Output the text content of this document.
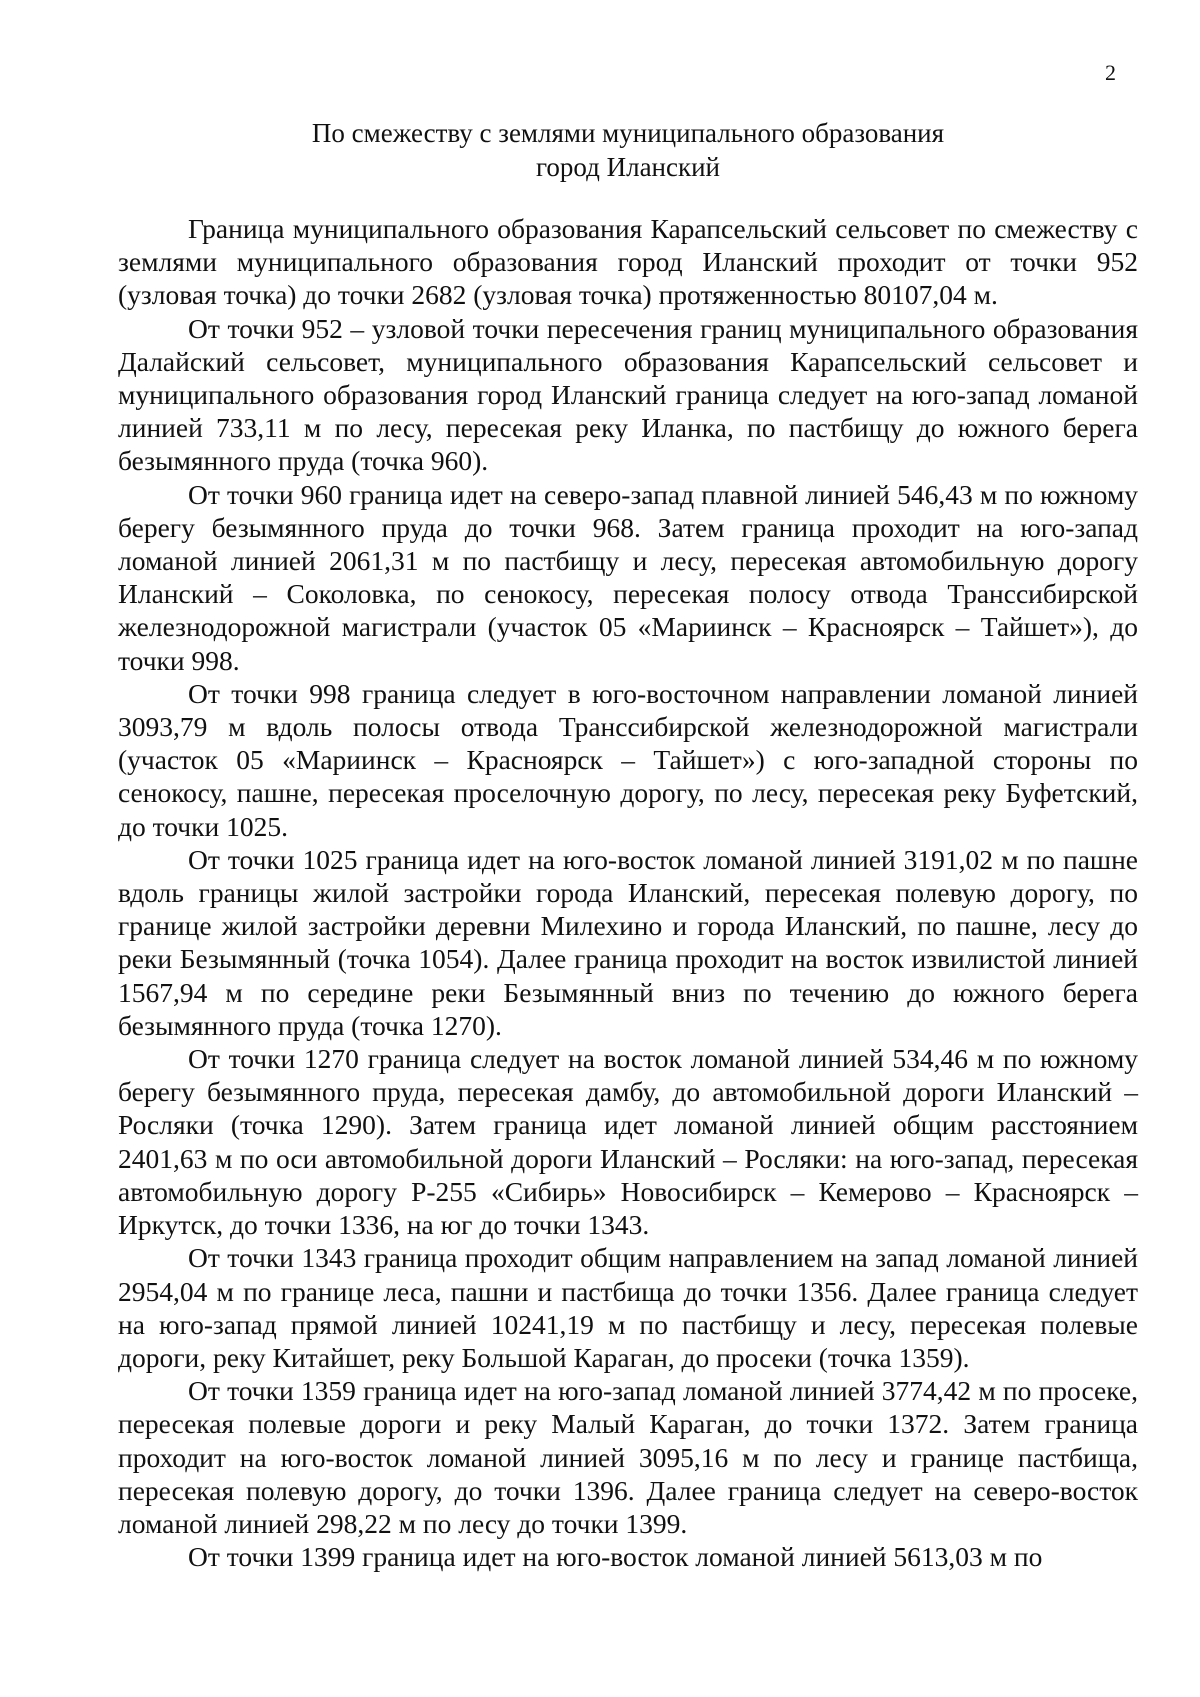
2
По смежеству с землями муниципального образования
город Иланский

Граница муниципального образования Карапсельский сельсовет по смежеству с землями муниципального образования город Иланский проходит от точки 952 (узловая точка) до точки 2682 (узловая точка) протяженностью 80107,04 м.

От точки 952 – узловой точки пересечения границ муниципального образования Далайский сельсовет, муниципального образования Карапсельский сельсовет и муниципального образования город Иланский граница следует на юго-запад ломаной линией 733,11 м по лесу, пересекая реку Иланка, по пастбищу до южного берега безымянного пруда (точка 960).

От точки 960 граница идет на северо-запад плавной линией 546,43 м по южному берегу безымянного пруда до точки 968. Затем граница проходит на юго-запад ломаной линией 2061,31 м по пастбищу и лесу, пересекая автомобильную дорогу Иланский – Соколовка, по сенокосу, пересекая полосу отвода Транссибирской железнодорожной магистрали (участок 05 «Мариинск – Красноярск – Тайшет»), до точки 998.

От точки 998 граница следует в юго-восточном направлении ломаной линией 3093,79 м вдоль полосы отвода Транссибирской железнодорожной магистрали (участок 05 «Мариинск – Красноярск – Тайшет») с юго-западной стороны по сенокосу, пашне, пересекая проселочную дорогу, по лесу, пересекая реку Буфетский, до точки 1025.

От точки 1025 граница идет на юго-восток ломаной линией 3191,02 м по пашне вдоль границы жилой застройки города Иланский, пересекая полевую дорогу, по границе жилой застройки деревни Милехино и города Иланский, по пашне, лесу до реки Безымянный (точка 1054). Далее граница проходит на восток извилистой линией 1567,94 м по середине реки Безымянный вниз по течению до южного берега безымянного пруда (точка 1270).

От точки 1270 граница следует на восток ломаной линией 534,46 м по южному берегу безымянного пруда, пересекая дамбу, до автомобильной дороги Иланский – Росляки (точка 1290). Затем граница идет ломаной линией общим расстоянием 2401,63 м по оси автомобильной дороги Иланский – Росляки: на юго-запад, пересекая автомобильную дорогу Р-255 «Сибирь» Новосибирск – Кемерово – Красноярск – Иркутск, до точки 1336, на юг до точки 1343.

От точки 1343 граница проходит общим направлением на запад ломаной линией 2954,04 м по границе леса, пашни и пастбища до точки 1356. Далее граница следует на юго-запад прямой линией 10241,19 м по пастбищу и лесу, пересекая полевые дороги, реку Китайшет, реку Большой Караган, до просеки (точка 1359).

От точки 1359 граница идет на юго-запад ломаной линией 3774,42 м по просеке, пересекая полевые дороги и реку Малый Караган, до точки 1372. Затем граница проходит на юго-восток ломаной линией 3095,16 м по лесу и границе пастбища, пересекая полевую дорогу, до точки 1396. Далее граница следует на северо-восток ломаной линией 298,22 м по лесу до точки 1399.

От точки 1399 граница идет на юго-восток ломаной линией 5613,03 м по
